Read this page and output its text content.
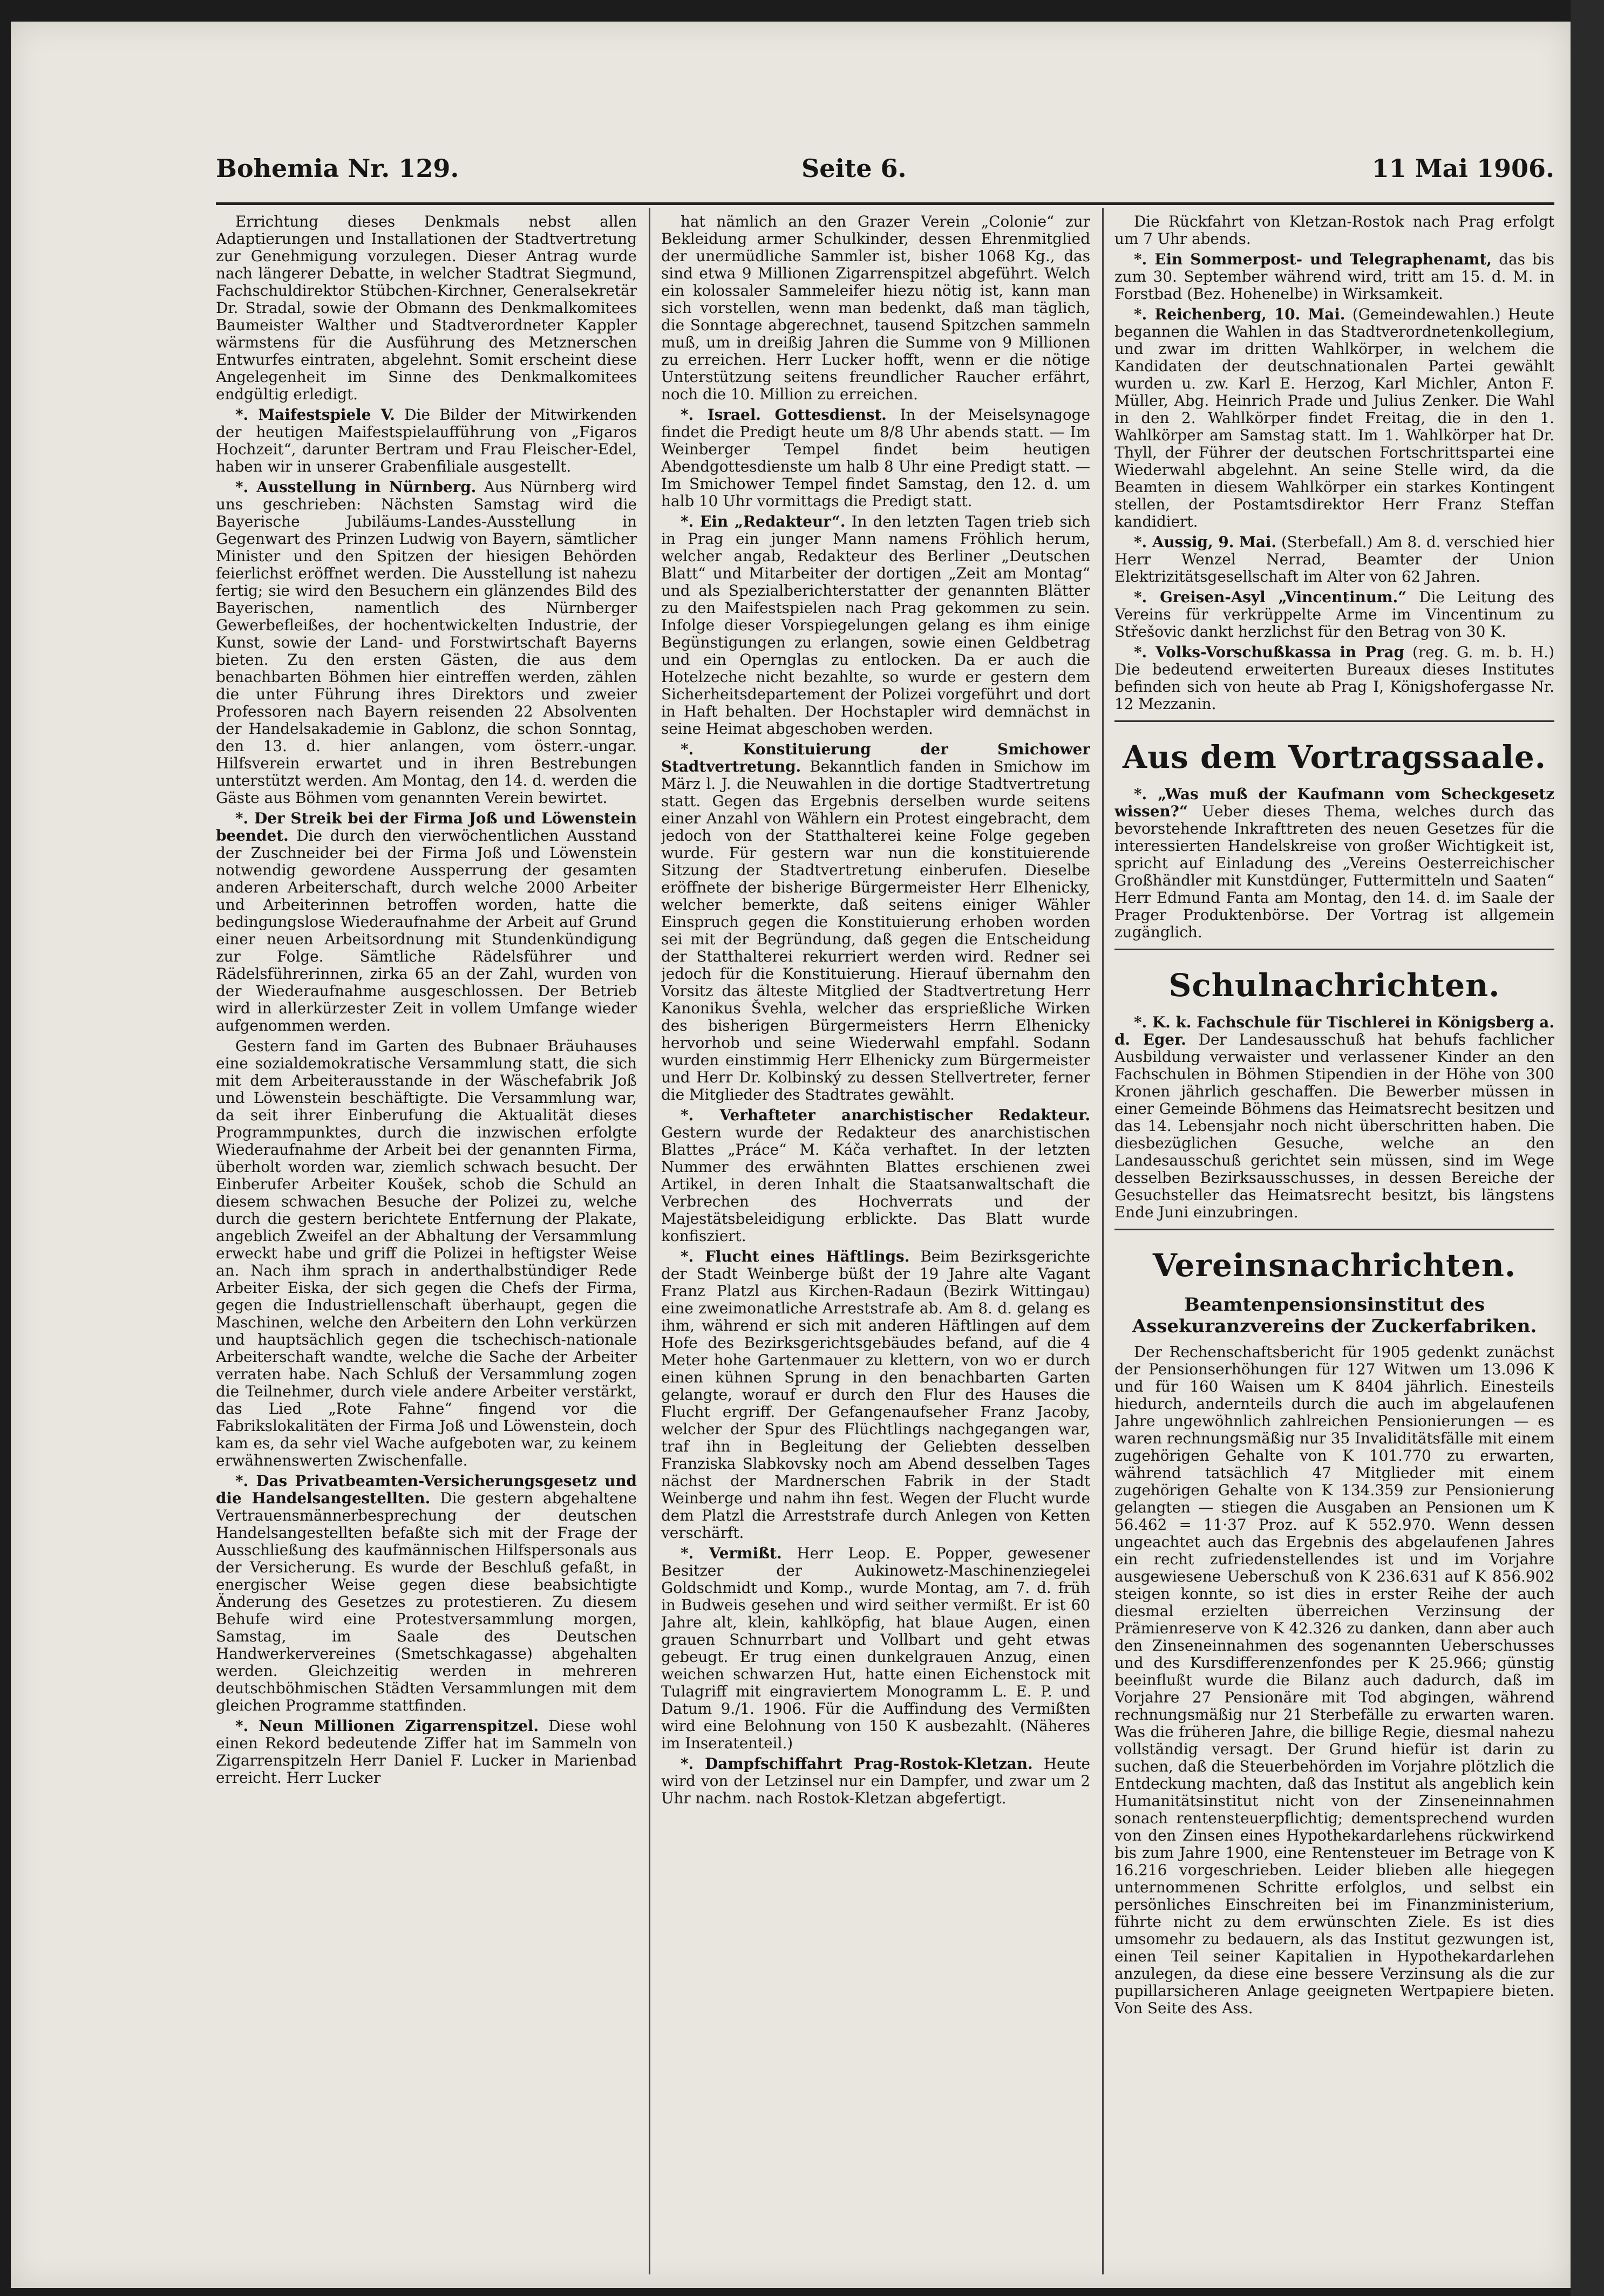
Bohemia Nr. 129.	Seite 6.	11 Mai 1906.

Errichtung dieses Denkmals nebst allen Adaptierungen und Installationen der Stadtvertretung zur Genehmigung vorzulegen. Dieser Antrag wurde nach längerer Debatte, in welcher Stadtrat Siegmund, Fachschuldirektor Stübchen-Kirchner, Generalsekretär Dr. Stradal, sowie der Obmann des Denkmalkomitees Baumeister Walther und Stadtverordneter Kappler wärmstens für die Ausführung des Metznerschen Entwurfes eintraten, abgelehnt. Somit erscheint diese Angelegenheit im Sinne des Denkmalkomitees endgültig erledigt.

*. Maifestspiele V. Die Bilder der Mitwirkenden der heutigen Maifestspielaufführung von „Figaros Hochzeit“, darunter Bertram und Frau Fleischer-Edel, haben wir in unserer Grabenfiliale ausgestellt.

*. Ausstellung in Nürnberg. Aus Nürnberg wird uns geschrieben: Nächsten Samstag wird die Bayerische Jubiläums-Landes-Ausstellung in Gegenwart des Prinzen Ludwig von Bayern, sämtlicher Minister und den Spitzen der hiesigen Behörden feierlichst eröffnet werden. Die Ausstellung ist nahezu fertig; sie wird den Besuchern ein glänzendes Bild des Bayerischen, namentlich des Nürnberger Gewerbefleißes, der hochentwickelten Industrie, der Kunst, sowie der Land- und Forstwirtschaft Bayerns bieten. Zu den ersten Gästen, die aus dem benachbarten Böhmen hier eintreffen werden, zählen die unter Führung ihres Direktors und zweier Professoren nach Bayern reisenden 22 Absolventen der Handelsakademie in Gablonz, die schon Sonntag, den 13. d. hier anlangen, vom österr.-ungar. Hilfsverein erwartet und in ihren Bestrebungen unterstützt werden. Am Montag, den 14. d. werden die Gäste aus Böhmen vom genannten Verein bewirtet.

*. Der Streik bei der Firma Joß und Löwenstein beendet. Die durch den vierwöchentlichen Ausstand der Zuschneider bei der Firma Joß und Löwenstein notwendig gewordene Aussperrung der gesamten anderen Arbeiterschaft, durch welche 2000 Arbeiter und Arbeiterinnen betroffen worden, hatte die bedingungslose Wiederaufnahme der Arbeit auf Grund einer neuen Arbeitsordnung mit Stundenkündigung zur Folge. Sämtliche Rädelsführer und Rädelsführerinnen, zirka 65 an der Zahl, wurden von der Wiederaufnahme ausgeschlossen. Der Betrieb wird in allerkürzester Zeit in vollem Umfange wieder aufgenommen werden.

Gestern fand im Garten des Bubnaer Bräuhauses eine sozialdemokratische Versammlung statt, die sich mit dem Arbeiterausstande in der Wäschefabrik Joß und Löwenstein beschäftigte. Die Versammlung war, da seit ihrer Einberufung die Aktualität dieses Programmpunktes, durch die inzwischen erfolgte Wiederaufnahme der Arbeit bei der genannten Firma, überholt worden war, ziemlich schwach besucht. Der Einberufer Arbeiter Koušek, schob die Schuld an diesem schwachen Besuche der Polizei zu, welche durch die gestern berichtete Entfernung der Plakate, angeblich Zweifel an der Abhaltung der Versammlung erweckt habe und griff die Polizei in heftigster Weise an. Nach ihm sprach in anderthalbstündiger Rede Arbeiter Eiska, der sich gegen die Chefs der Firma, gegen die Industriellenschaft überhaupt, gegen die Maschinen, welche den Arbeitern den Lohn verkürzen und hauptsächlich gegen die tschechisch-nationale Arbeiterschaft wandte, welche die Sache der Arbeiter verraten habe. Nach Schluß der Versammlung zogen die Teilnehmer, durch viele andere Arbeiter verstärkt, das Lied „Rote Fahne“ fingend vor die Fabrikslokalitäten der Firma Joß und Löwenstein, doch kam es, da sehr viel Wache aufgeboten war, zu keinem erwähnenswerten Zwischenfalle.

*. Das Privatbeamten-Versicherungsgesetz und die Handelsangestellten. Die gestern abgehaltene Vertrauensmännerbesprechung der deutschen Handelsangestellten befaßte sich mit der Frage der Ausschließung des kaufmännischen Hilfspersonals aus der Versicherung. Es wurde der Beschluß gefaßt, in energischer Weise gegen diese beabsichtigte Änderung des Gesetzes zu protestieren. Zu diesem Behufe wird eine Protestversammlung morgen, Samstag, im Saale des Deutschen Handwerkervereines (Smetschkagasse) abgehalten werden. Gleichzeitig werden in mehreren deutschböhmischen Städten Versammlungen mit dem gleichen Programme stattfinden.

*. Neun Millionen Zigarrenspitzel. Diese wohl einen Rekord bedeutende Ziffer hat im Sammeln von Zigarrenspitzeln Herr Daniel F. Lucker in Marienbad erreicht. Herr Lucker

hat nämlich an den Grazer Verein „Colonie“ zur Bekleidung armer Schulkinder, dessen Ehrenmitglied der unermüdliche Sammler ist, bisher 1068 Kg., das sind etwa 9 Millionen Zigarrenspitzel abgeführt. Welch ein kolossaler Sammeleifer hiezu nötig ist, kann man sich vorstellen, wenn man bedenkt, daß man täglich, die Sonntage abgerechnet, tausend Spitzchen sammeln muß, um in dreißig Jahren die Summe von 9 Millionen zu erreichen. Herr Lucker hofft, wenn er die nötige Unterstützung seitens freundlicher Raucher erfährt, noch die 10. Million zu erreichen.

*. Israel. Gottesdienst. In der Meiselsynagoge findet die Predigt heute um 8/8 Uhr abends statt. — Im Weinberger Tempel findet beim heutigen Abendgottesdienste um halb 8 Uhr eine Predigt statt. — Im Smichower Tempel findet Samstag, den 12. d. um halb 10 Uhr vormittags die Predigt statt.

*. Ein „Redakteur“. In den letzten Tagen trieb sich in Prag ein junger Mann namens Fröhlich herum, welcher angab, Redakteur des Berliner „Deutschen Blatt“ und Mitarbeiter der dortigen „Zeit am Montag“ und als Spezialberichterstatter der genannten Blätter zu den Maifestspielen nach Prag gekommen zu sein. Infolge dieser Vorspiegelungen gelang es ihm einige Begünstigungen zu erlangen, sowie einen Geldbetrag und ein Opernglas zu entlocken. Da er auch die Hotelzeche nicht bezahlte, so wurde er gestern dem Sicherheitsdepartement der Polizei vorgeführt und dort in Haft behalten. Der Hochstapler wird demnächst in seine Heimat abgeschoben werden.

*. Konstituierung der Smichower Stadtvertretung. Bekanntlich fanden in Smichow im März l. J. die Neuwahlen in die dortige Stadtvertretung statt. Gegen das Ergebnis derselben wurde seitens einer Anzahl von Wählern ein Protest eingebracht, dem jedoch von der Statthalterei keine Folge gegeben wurde. Für gestern war nun die konstituierende Sitzung der Stadtvertretung einberufen. Dieselbe eröffnete der bisherige Bürgermeister Herr Elhenicky, welcher bemerkte, daß seitens einiger Wähler Einspruch gegen die Konstituierung erhoben worden sei mit der Begründung, daß gegen die Entscheidung der Statthalterei rekurriert werden wird. Redner sei jedoch für die Konstituierung. Hierauf übernahm den Vorsitz das älteste Mitglied der Stadtvertretung Herr Kanonikus Švehla, welcher das ersprießliche Wirken des bisherigen Bürgermeisters Herrn Elhenicky hervorhob und seine Wiederwahl empfahl. Sodann wurden einstimmig Herr Elhenicky zum Bürgermeister und Herr Dr. Kolbinský zu dessen Stellvertreter, ferner die Mitglieder des Stadtrates gewählt.

*. Verhafteter anarchistischer Redakteur. Gestern wurde der Redakteur des anarchistischen Blattes „Práce“ M. Káča verhaftet. In der letzten Nummer des erwähnten Blattes erschienen zwei Artikel, in deren Inhalt die Staatsanwaltschaft die Verbrechen des Hochverrats und der Majestätsbeleidigung erblickte. Das Blatt wurde konfisziert.

*. Flucht eines Häftlings. Beim Bezirksgerichte der Stadt Weinberge büßt der 19 Jahre alte Vagant Franz Platzl aus Kirchen-Radaun (Bezirk Wittingau) eine zweimonatliche Arreststrafe ab. Am 8. d. gelang es ihm, während er sich mit anderen Häftlingen auf dem Hofe des Bezirksgerichtsgebäudes befand, auf die 4 Meter hohe Gartenmauer zu klettern, von wo er durch einen kühnen Sprung in den benachbarten Garten gelangte, worauf er durch den Flur des Hauses die Flucht ergriff. Der Gefangenaufseher Franz Jacoby, welcher der Spur des Flüchtlings nachgegangen war, traf ihn in Begleitung der Geliebten desselben Franziska Slabkovsky noch am Abend desselben Tages nächst der Mardnerschen Fabrik in der Stadt Weinberge und nahm ihn fest. Wegen der Flucht wurde dem Platzl die Arreststrafe durch Anlegen von Ketten verschärft.

*. Vermißt. Herr Leop. E. Popper, gewesener Besitzer der Aukinowetz-Maschinenziegelei Goldschmidt und Komp., wurde Montag, am 7. d. früh in Budweis gesehen und wird seither vermißt. Er ist 60 Jahre alt, klein, kahlköpfig, hat blaue Augen, einen grauen Schnurrbart und Vollbart und geht etwas gebeugt. Er trug einen dunkelgrauen Anzug, einen weichen schwarzen Hut, hatte einen Eichenstock mit Tulagriff mit eingraviertem Monogramm L. E. P. und Datum 9./1. 1906. Für die Auffindung des Vermißten wird eine Belohnung von 150 K ausbezahlt. (Näheres im Inseratenteil.)

*. Dampfschiffahrt Prag-Rostok-Kletzan. Heute wird von der Letzinsel nur ein Dampfer, und zwar um 2 Uhr nachm. nach Rostok-Kletzan abgefertigt.

Die Rückfahrt von Kletzan-Rostok nach Prag erfolgt um 7 Uhr abends.

*. Ein Sommerpost- und Telegraphenamt, das bis zum 30. September während wird, tritt am 15. d. M. in Forstbad (Bez. Hohenelbe) in Wirksamkeit.

*. Reichenberg, 10. Mai. (Gemeindewahlen.) Heute begannen die Wahlen in das Stadtverordnetenkollegium, und zwar im dritten Wahlkörper, in welchem die Kandidaten der deutschnationalen Partei gewählt wurden u. zw. Karl E. Herzog, Karl Michler, Anton F. Müller, Abg. Heinrich Prade und Julius Zenker. Die Wahl in den 2. Wahlkörper findet Freitag, die in den 1. Wahlkörper am Samstag statt. Im 1. Wahlkörper hat Dr. Thyll, der Führer der deutschen Fortschrittspartei eine Wiederwahl abgelehnt. An seine Stelle wird, da die Beamten in diesem Wahlkörper ein starkes Kontingent stellen, der Postamtsdirektor Herr Franz Steffan kandidiert.

*. Aussig, 9. Mai. (Sterbefall.) Am 8. d. verschied hier Herr Wenzel Nerrad, Beamter der Union Elektrizitätsgesellschaft im Alter von 62 Jahren.

*. Greisen-Asyl „Vincentinum.“ Die Leitung des Vereins für verkrüppelte Arme im Vincentinum zu Střešovic dankt herzlichst für den Betrag von 30 K.

*. Volks-Vorschußkassa in Prag (reg. G. m. b. H.) Die bedeutend erweiterten Bureaux dieses Institutes befinden sich von heute ab Prag I, Königshofergasse Nr. 12 Mezzanin.

Aus dem Vortragssaale.

*. „Was muß der Kaufmann vom Scheckgesetz wissen?“ Ueber dieses Thema, welches durch das bevorstehende Inkrafttreten des neuen Gesetzes für die interessierten Handelskreise von großer Wichtigkeit ist, spricht auf Einladung des „Vereins Oesterreichischer Großhändler mit Kunstdünger, Futtermitteln und Saaten“ Herr Edmund Fanta am Montag, den 14. d. im Saale der Prager Produktenbörse. Der Vortrag ist allgemein zugänglich.

Schulnachrichten.

*. K. k. Fachschule für Tischlerei in Königsberg a. d. Eger. Der Landesausschuß hat behufs fachlicher Ausbildung verwaister und verlassener Kinder an den Fachschulen in Böhmen Stipendien in der Höhe von 300 Kronen jährlich geschaffen. Die Bewerber müssen in einer Gemeinde Böhmens das Heimatsrecht besitzen und das 14. Lebensjahr noch nicht überschritten haben. Die diesbezüglichen Gesuche, welche an den Landesausschuß gerichtet sein müssen, sind im Wege desselben Bezirksausschusses, in dessen Bereiche der Gesuchsteller das Heimatsrecht besitzt, bis längstens Ende Juni einzubringen.

Vereinsnachrichten.
Beamtenpensionsinstitut des Assekuranzvereins der Zuckerfabriken.

Der Rechenschaftsbericht für 1905 gedenkt zunächst der Pensionserhöhungen für 127 Witwen um 13.096 K und für 160 Waisen um K 8404 jährlich. Einesteils hiedurch, andernteils durch die auch im abgelaufenen Jahre ungewöhnlich zahlreichen Pensionierungen — es waren rechnungsmäßig nur 35 Invaliditätsfälle mit einem zugehörigen Gehalte von K 101.770 zu erwarten, während tatsächlich 47 Mitglieder mit einem zugehörigen Gehalte von K 134.359 zur Pensionierung gelangten — stiegen die Ausgaben an Pensionen um K 56.462 = 11·37 Proz. auf K 552.970. Wenn dessen ungeachtet auch das Ergebnis des abgelaufenen Jahres ein recht zufriedenstellendes ist und im Vorjahre ausgewiesene Ueberschuß von K 236.631 auf K 856.902 steigen konnte, so ist dies in erster Reihe der auch diesmal erzielten überreichen Verzinsung der Prämienreserve von K 42.326 zu danken, dann aber auch den Zinseneinnahmen des sogenannten Ueberschusses und des Kursdifferenzenfondes per K 25.966; günstig beeinflußt wurde die Bilanz auch dadurch, daß im Vorjahre 27 Pensionäre mit Tod abgingen, während rechnungsmäßig nur 21 Sterbefälle zu erwarten waren. Was die früheren Jahre, die billige Regie, diesmal nahezu vollständig versagt. Der Grund hiefür ist darin zu suchen, daß die Steuerbehörden im Vorjahre plötzlich die Entdeckung machten, daß das Institut als angeblich kein Humanitätsinstitut nicht von der Zinseneinnahmen sonach rentensteuerpflichtig; dementsprechend wurden von den Zinsen eines Hypothekardarlehens rückwirkend bis zum Jahre 1900, eine Rentensteuer im Betrage von K 16.216 vorgeschrieben. Leider blieben alle hiegegen unternommenen Schritte erfolglos, und selbst ein persönliches Einschreiten bei im Finanzministerium, führte nicht zu dem erwünschten Ziele. Es ist dies umsomehr zu bedauern, als das Institut gezwungen ist, einen Teil seiner Kapitalien in Hypothekardarlehen anzulegen, da diese eine bessere Verzinsung als die zur pupillarsicheren Anlage geeigneten Wertpapiere bieten. Von Seite des Ass.
